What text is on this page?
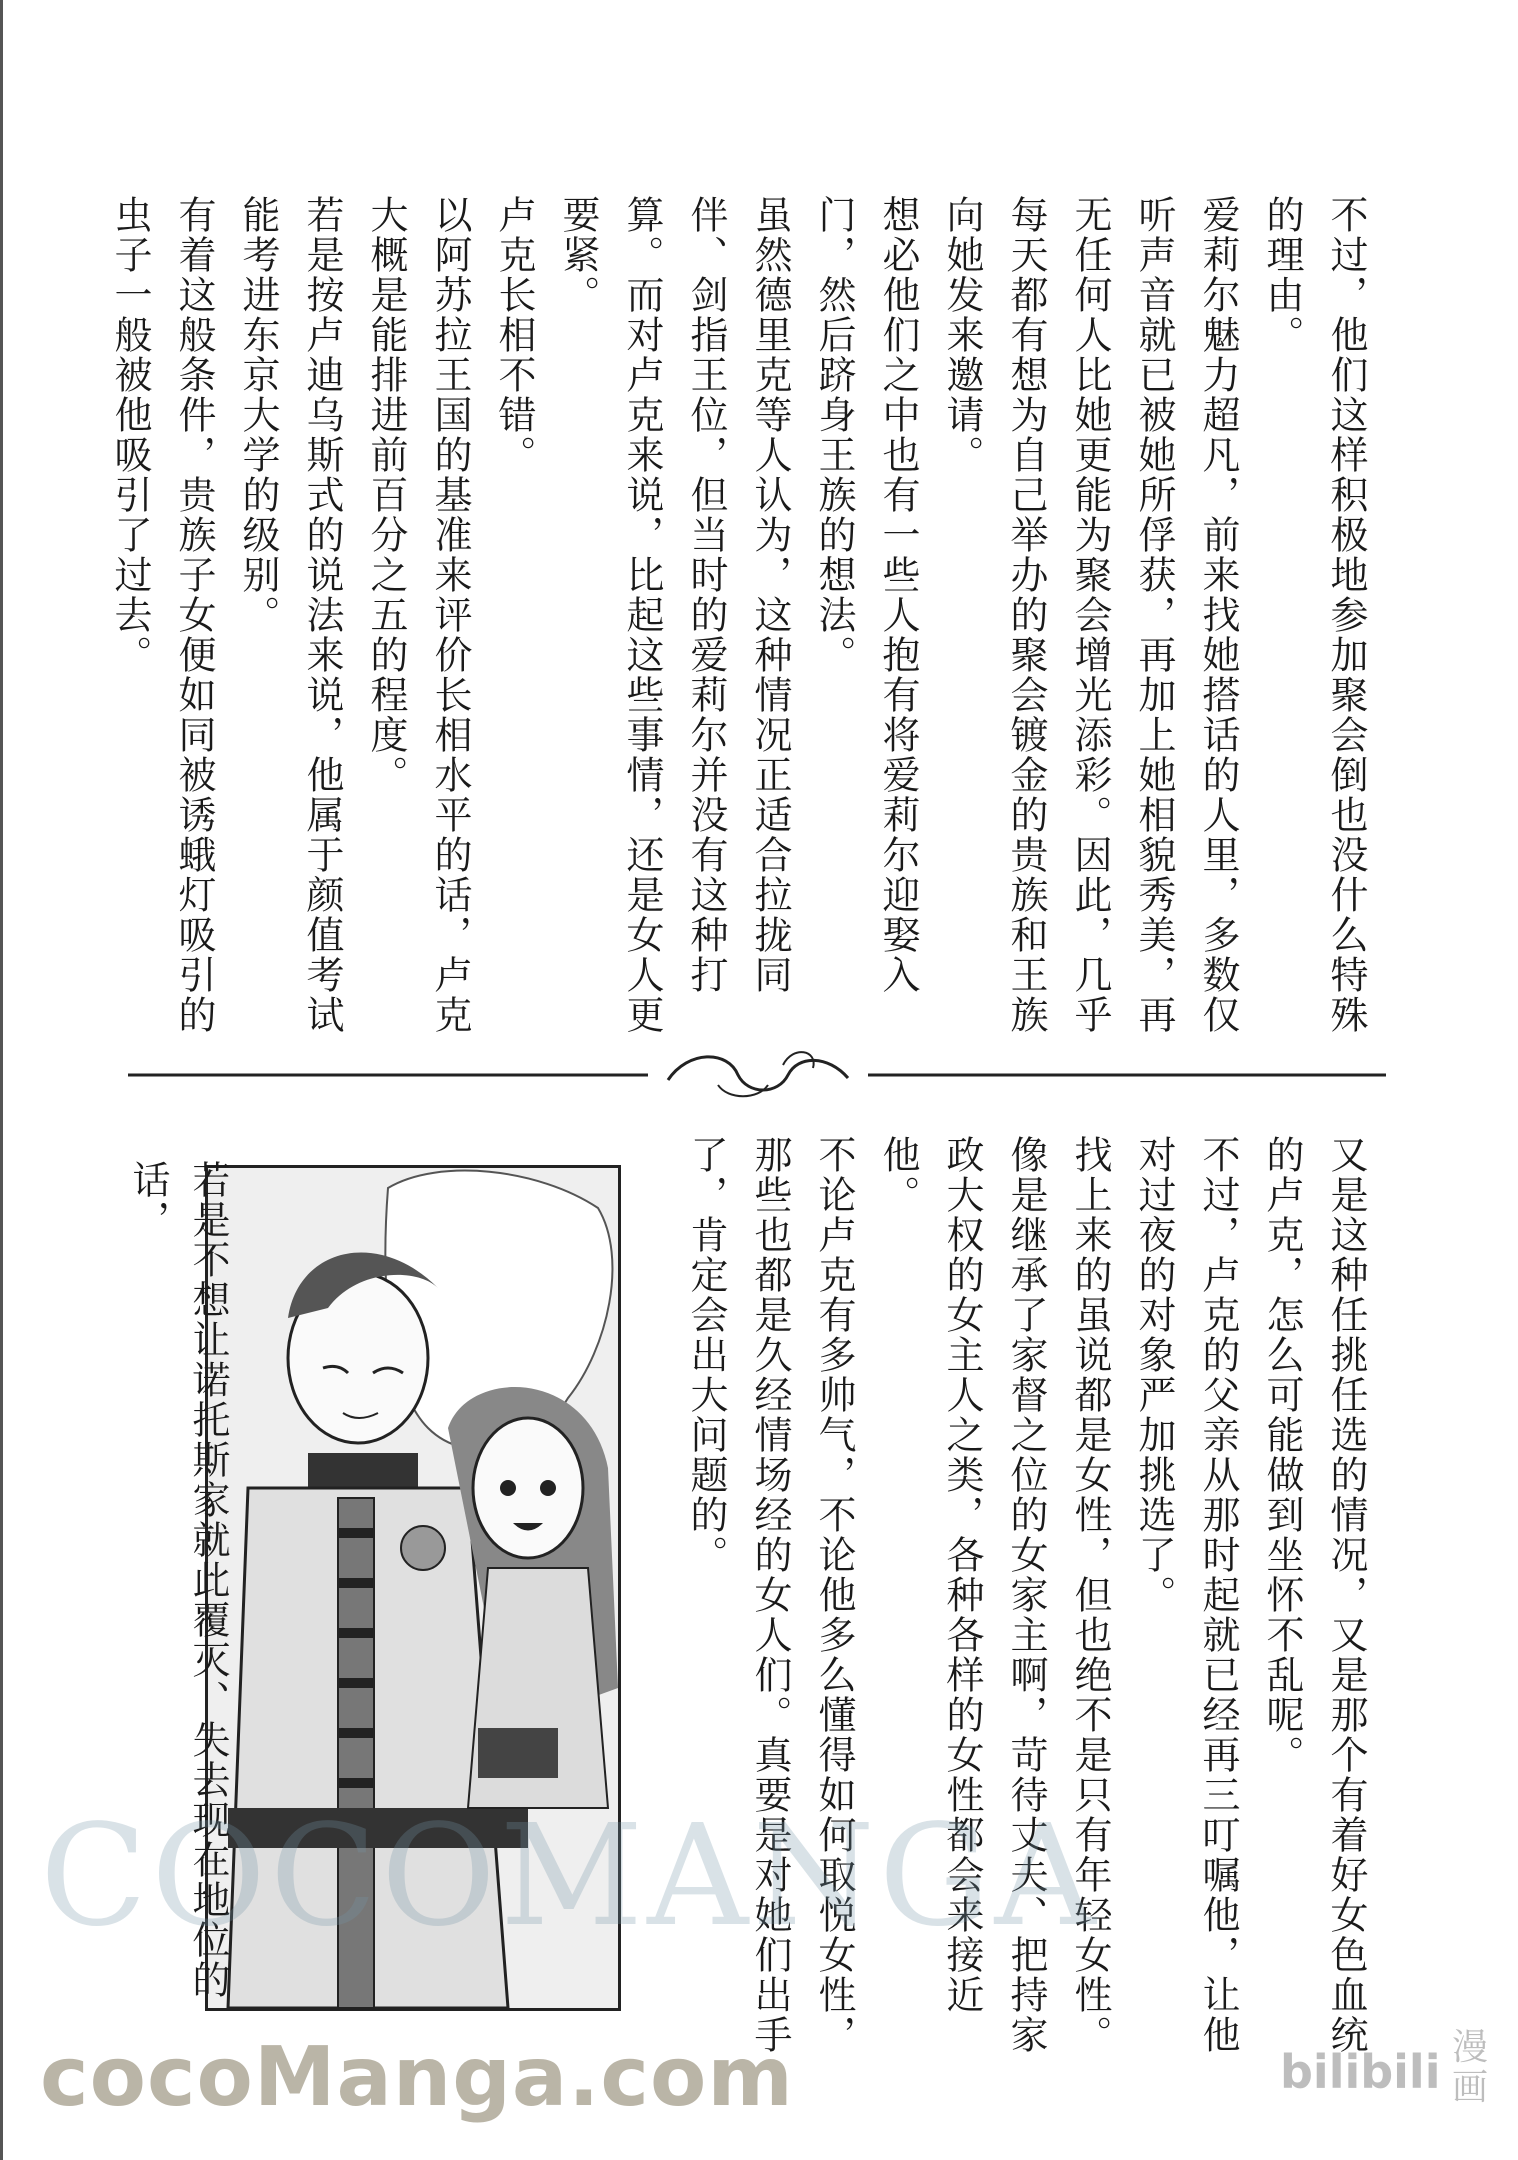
不过，他们这样积极地参加聚会倒也没什么特殊的理由。

爱莉尔魅力超凡，前来找她搭话的人里，多数仅听声音就已被她所俘获，再加上她相貌秀美，再无任何人比她更能为聚会增光添彩。因此，几乎每天都有想为自己举办的聚会镀金的贵族和王族向她发来邀请。

想必他们之中也有一些人抱有将爱莉尔迎娶入门，然后跻身王族的想法。

虽然德里克等人认为，这种情况正适合拉拢同伴、剑指王位，但当时的爱莉尔并没有这种打算。而对卢克来说，比起这些事情，还是女人更要紧。

卢克长相不错。

以阿苏拉王国的基准来评价长相水平的话，卢克大概是能排进前百分之五的程度。

若是按卢迪乌斯式的说法来说，他属于颜值考试能考进东京大学的级别。

有着这般条件，贵族子女便如同被诱蛾灯吸引的虫子一般被他吸引了过去。

又是这种任挑任选的情况，又是那个有着好女色血统的卢克，怎么可能做到坐怀不乱呢。

不过，卢克的父亲从那时起就已经再三叮嘱他，让他对过夜的对象严加挑选了。

找上来的虽说都是女性，但也绝不是只有年轻女性。

像是继承了家督之位的女家主啊，苛待丈夫、把持家政大权的女主人之类，各种各样的女性都会来接近他。

不论卢克有多帅气，不论他多么懂得如何取悦女性，那些也都是久经情场经的女人们。真要是对她们出手了，肯定会出大问题的。

若是不想让诺托斯家就此覆灭、失去现在地位的话，
COCOMANGA
cocoManga.com	bilibili 漫画
